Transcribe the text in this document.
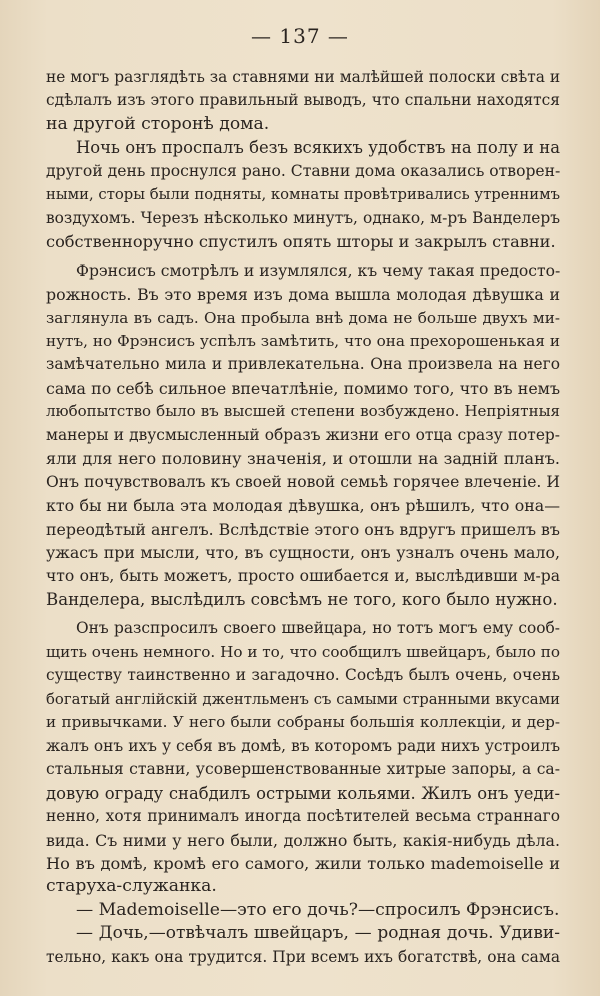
— 137 —
не могъ разглядѣть за ставнями ни малѣйшей полоски свѣта и
сдѣлалъ изъ этого правильный выводъ, что спальни находятся
на другой сторонѣ дома.
Ночь онъ проспалъ безъ всякихъ удобствъ на полу и на
другой день проснулся рано. Ставни дома оказались отворен-
ными, сторы были подняты, комнаты провѣтривались утреннимъ
воздухомъ. Черезъ нѣсколько минутъ, однако, м-ръ Ванделеръ
собственноручно спустилъ опять шторы и закрылъ ставни.
Фрэнсисъ смотрѣлъ и изумлялся, къ чему такая предосто-
рожность. Въ это время изъ дома вышла молодая дѣвушка и
заглянула въ садъ. Она пробыла внѣ дома не больше двухъ ми-
нутъ, но Фрэнсисъ успѣлъ замѣтить, что она прехорошенькая и
замѣчательно мила и привлекательна. Она произвела на него
сама по себѣ сильное впечатлѣніе, помимо того, что въ немъ
любопытство было въ высшей степени возбуждено. Непріятныя
манеры и двусмысленный образъ жизни его отца сразу потер-
яли для него половину значенія, и отошли на задній планъ.
Онъ почувствовалъ къ своей новой семьѣ горячее влеченіе. И
кто бы ни была эта молодая дѣвушка, онъ рѣшилъ, что она—
переодѣтый ангелъ. Вслѣдствіе этого онъ вдругъ пришелъ въ
ужасъ при мысли, что, въ сущности, онъ узналъ очень мало,
что онъ, быть можетъ, просто ошибается и, выслѣдивши м-ра
Ванделера, выслѣдилъ совсѣмъ не того, кого было нужно.
Онъ разспросилъ своего швейцара, но тотъ могъ ему сооб-
щить очень немного. Но и то, что сообщилъ швейцаръ, было по
существу таинственно и загадочно. Сосѣдъ былъ очень, очень
богатый англійскій джентльменъ съ самыми странными вкусами
и привычками. У него были собраны большія коллекціи, и дер-
жалъ онъ ихъ у себя въ домѣ, въ которомъ ради нихъ устроилъ
стальныя ставни, усовершенствованные хитрые запоры, а са-
довую ограду снабдилъ острыми кольями. Жилъ онъ уеди-
ненно, хотя принималъ иногда посѣтителей весьма страннаго
вида. Съ ними у него были, должно быть, какія-нибудь дѣла.
Но въ домѣ, кромѣ его самого, жили только mademoiselle и
старуха-служанка.
— Mademoiselle—это его дочь?—спросилъ Фрэнсисъ.
— Дочь,—отвѣчалъ швейцаръ, — родная дочь. Удиви-
тельно, какъ она трудится. При всемъ ихъ богатствѣ, она сама
